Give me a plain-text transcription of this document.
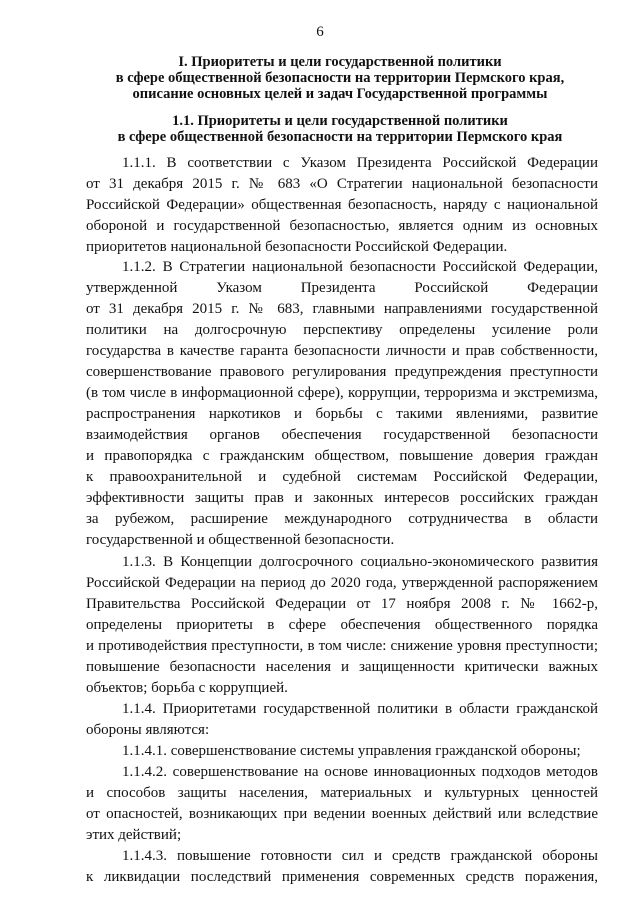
6
I. Приоритеты и цели государственной политики
в сфере общественной безопасности на территории Пермского края,
описание основных целей и задач Государственной программы
1.1. Приоритеты и цели государственной политики
в сфере общественной безопасности на территории Пермского края
1.1.1. В соответствии с Указом Президента Российской Федерации
от 31 декабря 2015 г. № 683 «О Стратегии национальной безопасности
Российской Федерации» общественная безопасность, наряду с национальной
обороной и государственной безопасностью, является одним из основных
приоритетов национальной безопасности Российской Федерации.
1.1.2. В Стратегии национальной безопасности Российской Федерации,
утвержденной Указом Президента Российской Федерации
от 31 декабря 2015 г. № 683, главными направлениями государственной
политики на долгосрочную перспективу определены усиление роли
государства в качестве гаранта безопасности личности и прав собственности,
совершенствование правового регулирования предупреждения преступности
(в том числе в информационной сфере), коррупции, терроризма и экстремизма,
распространения наркотиков и борьбы с такими явлениями, развитие
взаимодействия органов обеспечения государственной безопасности
и правопорядка с гражданским обществом, повышение доверия граждан
к правоохранительной и судебной системам Российской Федерации,
эффективности защиты прав и законных интересов российских граждан
за рубежом, расширение международного сотрудничества в области
государственной и общественной безопасности.
1.1.3. В Концепции долгосрочного социально-экономического развития
Российской Федерации на период до 2020 года, утвержденной распоряжением
Правительства Российской Федерации от 17 ноября 2008 г. № 1662-р,
определены приоритеты в сфере обеспечения общественного порядка
и противодействия преступности, в том числе: снижение уровня преступности;
повышение безопасности населения и защищенности критически важных
объектов; борьба с коррупцией.
1.1.4. Приоритетами государственной политики в области гражданской
обороны являются:
1.1.4.1. совершенствование системы управления гражданской обороны;
1.1.4.2. совершенствование на основе инновационных подходов методов
и способов защиты населения, материальных и культурных ценностей
от опасностей, возникающих при ведении военных действий или вследствие
этих действий;
1.1.4.3. повышение готовности сил и средств гражданской обороны
к ликвидации последствий применения современных средств поражения,
